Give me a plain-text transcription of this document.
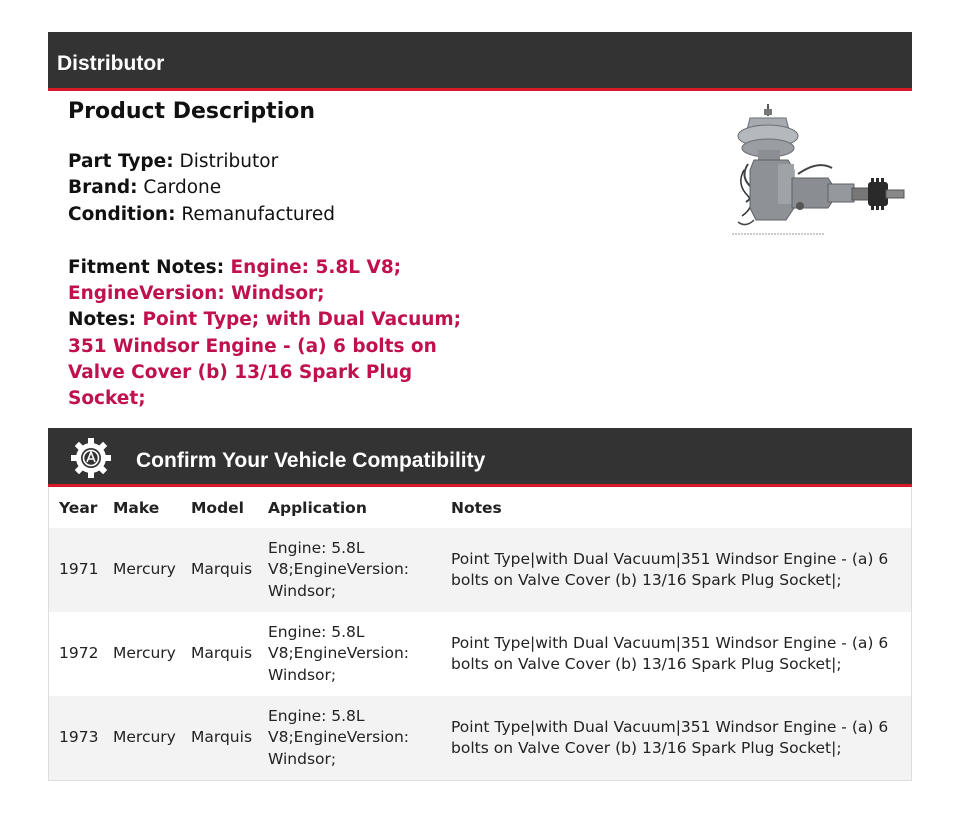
Distributor
Product Description
Part Type: Distributor
Brand: Cardone
Condition: Remanufactured
Fitment Notes: Engine: 5.8L V8; EngineVersion: Windsor;
Notes: Point Type; with Dual Vacuum; 351 Windsor Engine - (a) 6 bolts on Valve Cover (b) 13/16 Spark Plug Socket;
Confirm Your Vehicle Compatibility
Year	Make	Model	Application	Notes
1971	Mercury	Marquis	Engine: 5.8L V8;EngineVersion: Windsor;	Point Type|with Dual Vacuum|351 Windsor Engine - (a) 6 bolts on Valve Cover (b) 13/16 Spark Plug Socket|;
1972	Mercury	Marquis	Engine: 5.8L V8;EngineVersion: Windsor;	Point Type|with Dual Vacuum|351 Windsor Engine - (a) 6 bolts on Valve Cover (b) 13/16 Spark Plug Socket|;
1973	Mercury	Marquis	Engine: 5.8L V8;EngineVersion: Windsor;	Point Type|with Dual Vacuum|351 Windsor Engine - (a) 6 bolts on Valve Cover (b) 13/16 Spark Plug Socket|;
